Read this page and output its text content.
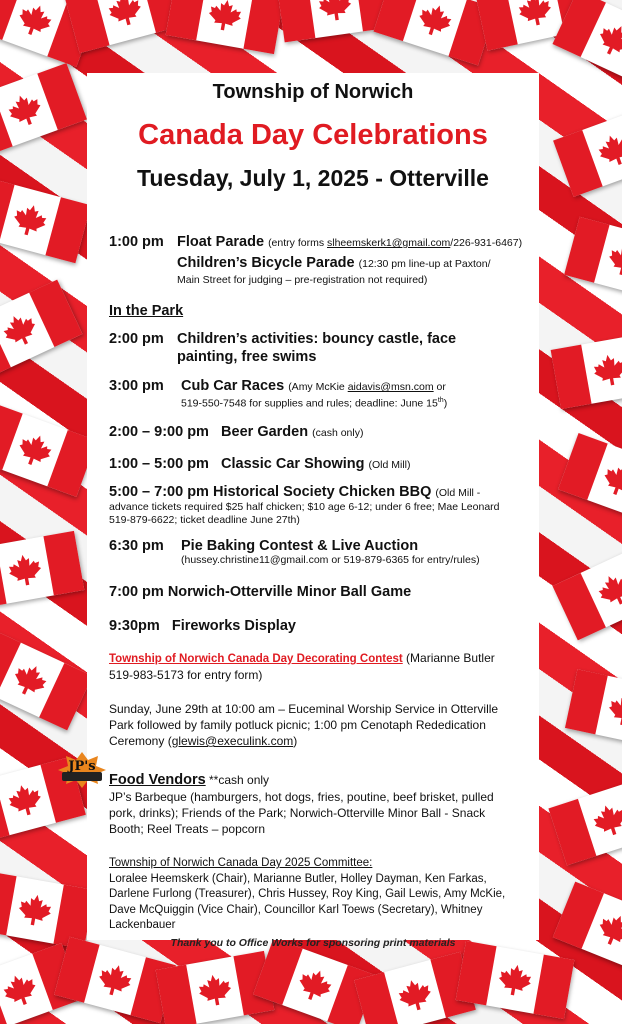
Township of Norwich
Canada Day Celebrations
Tuesday, July 1, 2025 - Otterville
1:00 pm Float Parade (entry forms slheemskerk1@gmail.com/226-931-6467)
Children’s Bicycle Parade (12:30 pm line-up at Paxton/
Main Street for judging – pre-registration not required)
In the Park
2:00 pm Children’s activities: bouncy castle, face
painting, free swims
3:00 pm Cub Car Races (Amy McKie aidavis@msn.com or
519-550-7548 for supplies and rules; deadline: June 15th)
2:00 – 9:00 pm Beer Garden (cash only)
1:00 – 5:00 pm Classic Car Showing (Old Mill)
5:00 – 7:00 pm Historical Society Chicken BBQ (Old Mill -
advance tickets required $25 half chicken; $10 age 6-12; under 6 free; Mae Leonard
519-879-6622; ticket deadline June 27th)
6:30 pm Pie Baking Contest & Live Auction
(hussey.christine11@gmail.com or 519-879-6365 for entry/rules)
7:00 pm Norwich-Otterville Minor Ball Game
9:30pm   Fireworks Display
Township of Norwich Canada Day Decorating Contest (Marianne Butler
519-983-5173 for entry form)
Sunday, June 29th at 10:00 am – Euceminal Worship Service in Otterville
Park followed by family potluck picnic; 1:00 pm Cenotaph Rededication
Ceremony (glewis@execulink.com)
Food Vendors **cash only
JP’s Barbeque (hamburgers, hot dogs, fries, poutine, beef brisket, pulled
pork, drinks); Friends of the Park; Norwich-Otterville Minor Ball - Snack
Booth; Reel Treats – popcorn
Township of Norwich Canada Day 2025 Committee:
Loralee Heemskerk (Chair), Marianne Butler, Holley Dayman, Ken Farkas,
Darlene Furlong (Treasurer), Chris Hussey, Roy King, Gail Lewis, Amy McKie,
Dave McQuiggin (Vice Chair), Councillor Karl Toews (Secretary), Whitney
Lackenbauer
Thank you to Office Works for sponsoring print materials
JP's
